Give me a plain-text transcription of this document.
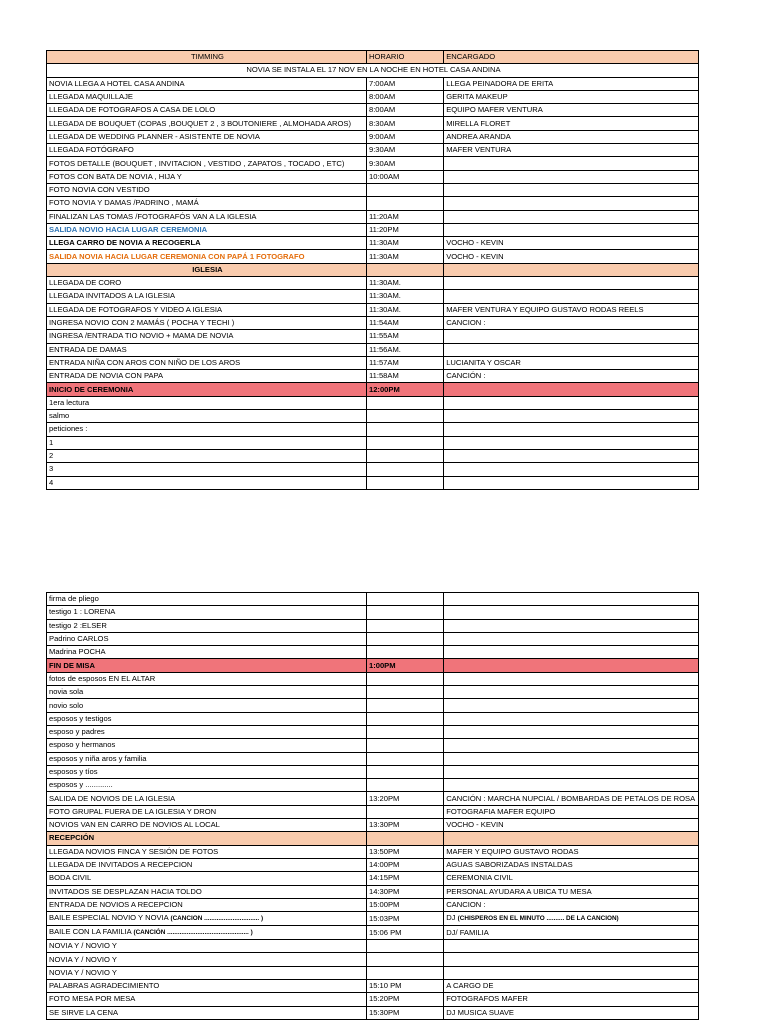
TIMMING	HORARIO	ENCARGADO
NOVIA SE INSTALA EL 17 NOV EN LA NOCHE EN HOTEL CASA ANDINA		
NOVIA LLEGA A HOTEL CASA ANDINA	7:00AM	LLEGA PEINADORA DE ERITA
LLEGADA MAQUILLAJE	8:00AM	GERITA MAKEUP
LLEGADA DE FOTOGRAFOS A CASA DE LOLO	8:00AM	EQUIPO MAFER VENTURA
LLEGADA DE BOUQUET (COPAS ,BOUQUET 2 , 3 BOUTONIERE , ALMOHADA AROS)	8:30AM	MIRELLA FLORET
LLEGADA DE WEDDING PLANNER - ASISTENTE DE NOVIA	9:00AM	ANDREA ARANDA
LLEGADA FOTÓGRAFO	9:30AM	MAFER VENTURA
FOTOS DETALLE (BOUQUET , INVITACION , VESTIDO , ZAPATOS , TOCADO , ETC)	9:30AM	
FOTOS CON BATA DE NOVIA , HIJA Y	10:00AM	
FOTO NOVIA CON VESTIDO		
FOTO NOVIA Y DAMAS /PADRINO , MAMÁ		
FINALIZAN LAS TOMAS /FOTOGRAFÓS VAN A LA IGLESIA	11:20AM	
SALIDA NOVIO HACIA LUGAR CEREMONIA	11:20PM	
LLEGA CARRO DE NOVIA A RECOGERLA	11:30AM	VOCHO - KEVIN
SALIDA NOVIA HACIA LUGAR CEREMONIA CON PAPÁ 1 FOTOGRAFO	11:30AM	VOCHO - KEVIN
IGLESIA		
LLEGADA DE CORO	11:30AM.	
LLEGADA INVITADOS A LA IGLESIA	11:30AM.	
LLEGADA DE FOTOGRAFOS Y VIDEO A IGLESIA	11:30AM.	MAFER VENTURA Y EQUIPO GUSTAVO RODAS REELS
INGRESA NOVIO CON 2 MAMÁS ( POCHA Y TECHI )	11:54AM	CANCION :
INGRESA /ENTRADA TIO NOVIO + MAMA DE NOVIA	11:55AM	
ENTRADA DE DAMAS	11:56AM.	
ENTRADA NIÑA CON AROS CON NIÑO DE LOS AROS	11:57AM	LUCIANITA Y OSCAR
ENTRADA DE NOVIA CON PAPA	11:58AM	CANCIÓN :
INICIO DE CEREMONIA	12:00PM	
1era lectura		
salmo		
peticiones :		
1		
2		
3		
4		
firma de pliego		
testigo 1 : LORENA		
testigo 2 :ELSER		
Padrino CARLOS		
Madrina POCHA		
FIN DE MISA	1:00PM	
fotos de esposos EN EL ALTAR		
novia sola		
novio solo		
esposos y testigos		
esposo y padres		
esposo y hermanos		
esposos y niña aros y familia		
esposos y tíos		
esposos y .............		
SALIDA DE NOVIOS DE LA IGLESIA	13:20PM	CANCIÓN : MARCHA NUPCIAL / BOMBARDAS DE PETALOS DE ROSA
FOTO GRUPAL FUERA DE LA IGLESIA Y DRON		FOTOGRAFIA MAFER EQUIPO
NOVIOS VAN EN CARRO DE NOVIOS AL LOCAL	13:30PM	VOCHO - KEVIN
RECEPCIÓN		
LLEGADA NOVIOS FINCA Y SESIÓN DE FOTOS	13:50PM	MAFER Y EQUIPO GUSTAVO RODAS
LLEGADA DE INVITADOS A RECEPCION	14:00PM	AGUAS SABORIZADAS INSTALDAS
BODA CIVIL	14:15PM	CEREMONIA CIVIL
INVITADOS SE DESPLAZAN HACIA TOLDO	14:30PM	PERSONAL AYUDARA A UBICA TU MESA
ENTRADA DE NOVIOS A RECEPCION	15:00PM	CANCION :
BAILE ESPECIAL NOVIO Y NOVIA (CANCION ............................... )	15:03PM	DJ (CHISPEROS EN EL MINUTO .......... DE LA CANCION)
BAILE CON LA FAMILIA (CANCIÓN .............................................. )	15:06 PM	DJ/ FAMILIA
NOVIA Y / NOVIO Y		
NOVIA Y / NOVIO Y		
NOVIA Y / NOVIO Y		
PALABRAS AGRADECIMIENTO	15:10 PM	A CARGO DE
FOTO MESA POR MESA	15:20PM	FOTOGRAFOS MAFER
SE SIRVE LA CENA	15:30PM	DJ MUSICA SUAVE
